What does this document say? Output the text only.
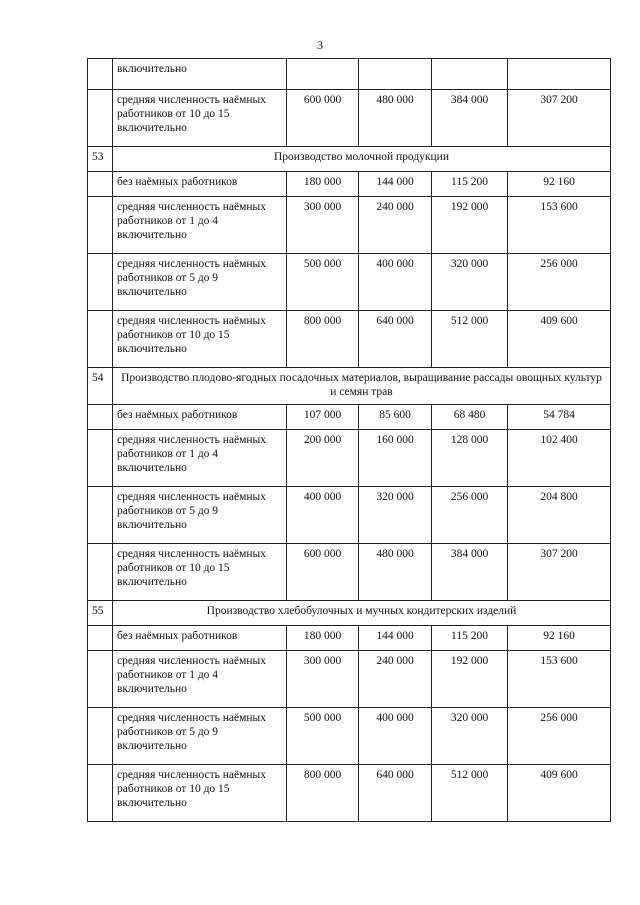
3
	включительно				
	средняя численность наёмных работников от 10 до 15 включительно	600 000	480 000	384 000	307 200
53	Производство молочной продукции				
	без наёмных работников	180 000	144 000	115 200	92 160
	средняя численность наёмных работников от 1 до 4 включительно	300 000	240 000	192 000	153 600
	средняя численность наёмных работников от 5 до 9 включительно	500 000	400 000	320 000	256 000
	средняя численность наёмных работников от 10 до 15 включительно	800 000	640 000	512 000	409 600
54	Производство плодово-ягодных посадочных материалов, выращивание рассады овощных культур и семян трав				
	без наёмных работников	107 000	85 600	68 480	54 784
	средняя численность наёмных работников от 1 до 4 включительно	200 000	160 000	128 000	102 400
	средняя численность наёмных работников от 5 до 9 включительно	400 000	320 000	256 000	204 800
	средняя численность наёмных работников от 10 до 15 включительно	600 000	480 000	384 000	307 200
55	Производство хлебобулочных и мучных кондитерских изделий				
	без наёмных работников	180 000	144 000	115 200	92 160
	средняя численность наёмных работников от 1 до 4 включительно	300 000	240 000	192 000	153 600
	средняя численность наёмных работников от 5 до 9 включительно	500 000	400 000	320 000	256 000
	средняя численность наёмных работников от 10 до 15 включительно	800 000	640 000	512 000	409 600
